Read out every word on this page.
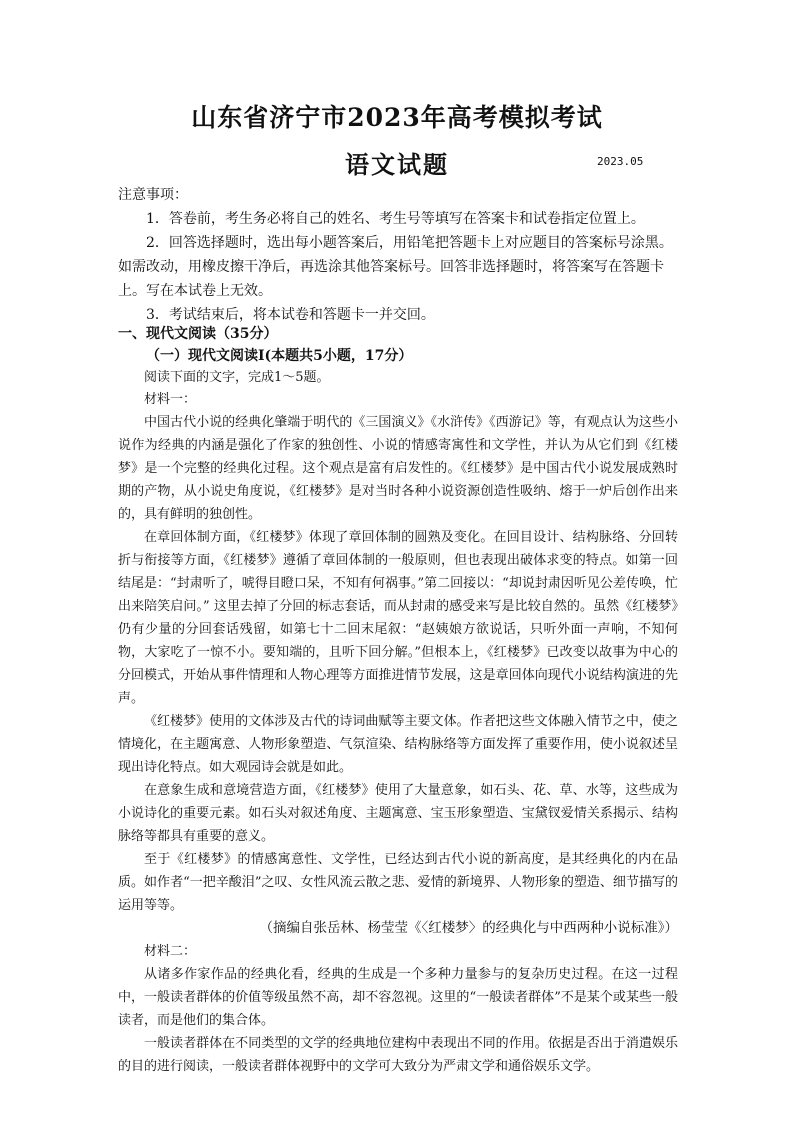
山东省济宁市2023年高考模拟考试
语文试题	2023.05

注意事项：

1．答卷前，考生务必将自己的姓名、考生号等填写在答案卡和试卷指定位置上。

2．回答选择题时，选出每小题答案后，用铅笔把答题卡上对应题目的答案标号涂黑。如需改动，用橡皮擦干净后，再选涂其他答案标号。回答非选择题时，将答案写在答题卡上。写在本试卷上无效。

3．考试结束后，将本试卷和答题卡一并交回。

一、现代文阅读（35分）

（一）现代文阅读Ⅰ(本题共5小题，17分）

阅读下面的文字，完成1～5题。

材料一：

中国古代小说的经典化肇端于明代的《三国演义》《水浒传》《西游记》等，有观点认为这些小说作为经典的内涵是强化了作家的独创性、小说的情感寄寓性和文学性，并认为从它们到《红楼梦》是一个完整的经典化过程。这个观点是富有启发性的。《红楼梦》是中国古代小说发展成熟时期的产物，从小说史角度说，《红楼梦》是对当时各种小说资源创造性吸纳、熔于一炉后创作出来的，具有鲜明的独创性。

在章回体制方面，《红楼梦》体现了章回体制的圆熟及变化。在回目设计、结构脉络、分回转折与衔接等方面，《红楼梦》遵循了章回体制的一般原则，但也表现出破体求变的特点。如第一回结尾是：“封肃听了，唬得目瞪口呆，不知有何祸事。”第二回接以：“却说封肃因听见公差传唤，忙出来陪笑启问。” 这里去掉了分回的标志套话，而从封肃的感受来写是比较自然的。虽然《红楼梦》仍有少量的分回套话残留，如第七十二回末尾叙：“赵姨娘方欲说话，只听外面一声响，不知何物，大家吃了一惊不小。要知端的，且听下回分解。”但根本上，《红楼梦》已改变以故事为中心的分回模式，开始从事件情理和人物心理等方面推进情节发展，这是章回体向现代小说结构演进的先声。

《红楼梦》使用的文体涉及古代的诗词曲赋等主要文体。作者把这些文体融入情节之中，使之情境化，在主题寓意、人物形象塑造、气氛渲染、结构脉络等方面发挥了重要作用，使小说叙述呈现出诗化特点。如大观园诗会就是如此。

在意象生成和意境营造方面，《红楼梦》使用了大量意象，如石头、花、草、水等，这些成为小说诗化的重要元素。如石头对叙述角度、主题寓意、宝玉形象塑造、宝黛钗爱情关系揭示、结构脉络等都具有重要的意义。

至于《红楼梦》的情感寓意性、文学性，已经达到古代小说的新高度，是其经典化的内在品质。如作者“一把辛酸泪”之叹、女性风流云散之悲、爱情的新境界、人物形象的塑造、细节描写的运用等等。

（摘编自张岳林、杨莹莹《〈红楼梦〉的经典化与中西两种小说标准》）

材料二：

从诸多作家作品的经典化看，经典的生成是一个多种力量参与的复杂历史过程。在这一过程中，一般读者群体的价值等级虽然不高，却不容忽视。这里的“一般读者群体”不是某个或某些一般读者，而是他们的集合体。

一般读者群体在不同类型的文学的经典地位建构中表现出不同的作用。依据是否出于消遣娱乐的目的进行阅读，一般读者群体视野中的文学可大致分为严肃文学和通俗娱乐文学。
